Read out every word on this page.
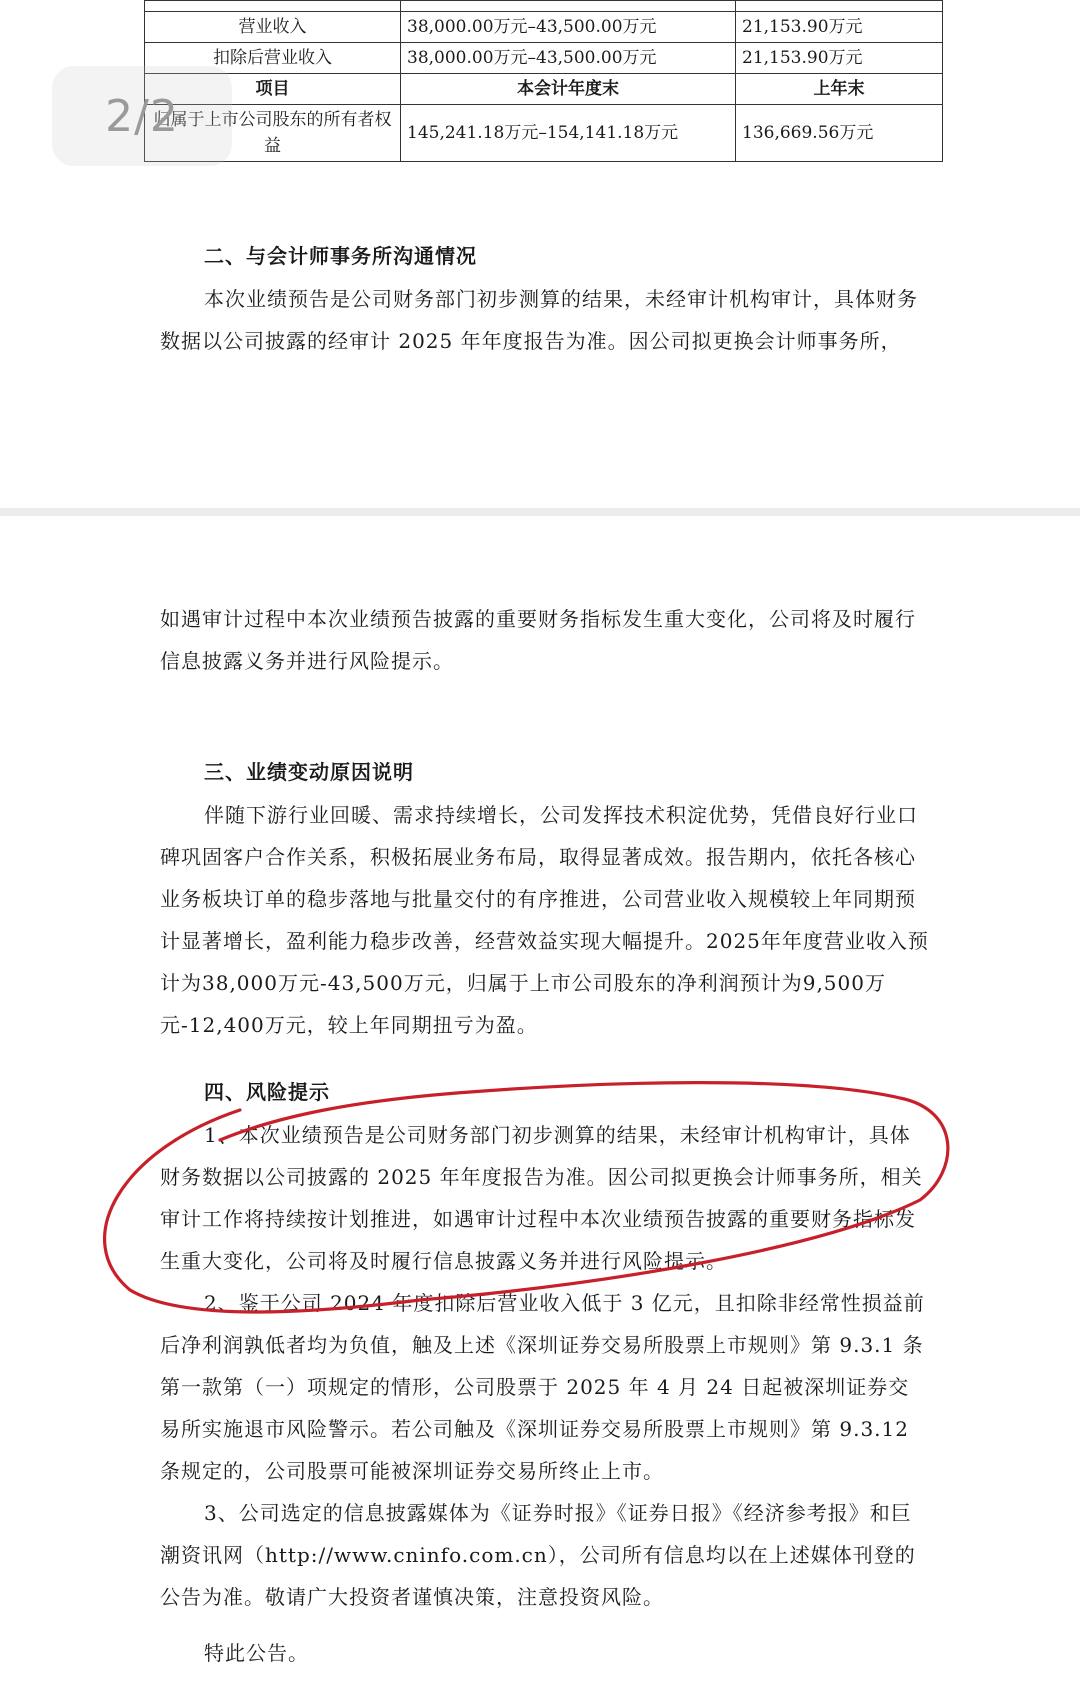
营业收入	38,000.00万元–43,500.00万元	21,153.90万元
扣除后营业收入	38,000.00万元–43,500.00万元	21,153.90万元
项目	本会计年度末	上年末
归属于上市公司股东的所有者权益	145,241.18万元–154,141.18万元	136,669.56万元
2/2
二、与会计师事务所沟通情况

本次业绩预告是公司财务部门初步测算的结果，未经审计机构审计，具体财务数据以公司披露的经审计 2025 年年度报告为准。因公司拟更换会计师事务所，

如遇审计过程中本次业绩预告披露的重要财务指标发生重大变化，公司将及时履行信息披露义务并进行风险提示。

三、业绩变动原因说明

伴随下游行业回暖、需求持续增长，公司发挥技术积淀优势，凭借良好行业口碑巩固客户合作关系，积极拓展业务布局，取得显著成效。报告期内，依托各核心业务板块订单的稳步落地与批量交付的有序推进，公司营业收入规模较上年同期预计显著增长，盈利能力稳步改善，经营效益实现大幅提升。2025年年度营业收入预计为38,000万元-43,500万元，归属于上市公司股东的净利润预计为9,500万元-12,400万元，较上年同期扭亏为盈。

四、风险提示

1、本次业绩预告是公司财务部门初步测算的结果，未经审计机构审计，具体财务数据以公司披露的 2025 年年度报告为准。因公司拟更换会计师事务所，相关审计工作将持续按计划推进，如遇审计过程中本次业绩预告披露的重要财务指标发生重大变化，公司将及时履行信息披露义务并进行风险提示。

2、鉴于公司 2024 年度扣除后营业收入低于 3 亿元，且扣除非经常性损益前后净利润孰低者均为负值，触及上述《深圳证券交易所股票上市规则》第 9.3.1 条第一款第（一）项规定的情形，公司股票于 2025 年 4 月 24 日起被深圳证券交易所实施退市风险警示。若公司触及《深圳证券交易所股票上市规则》第 9.3.12 条规定的，公司股票可能被深圳证券交易所终止上市。

3、公司选定的信息披露媒体为《证券时报》《证券日报》《经济参考报》和巨潮资讯网（http://www.cninfo.com.cn），公司所有信息均以在上述媒体刊登的公告为准。敬请广大投资者谨慎决策，注意投资风险。

特此公告。
